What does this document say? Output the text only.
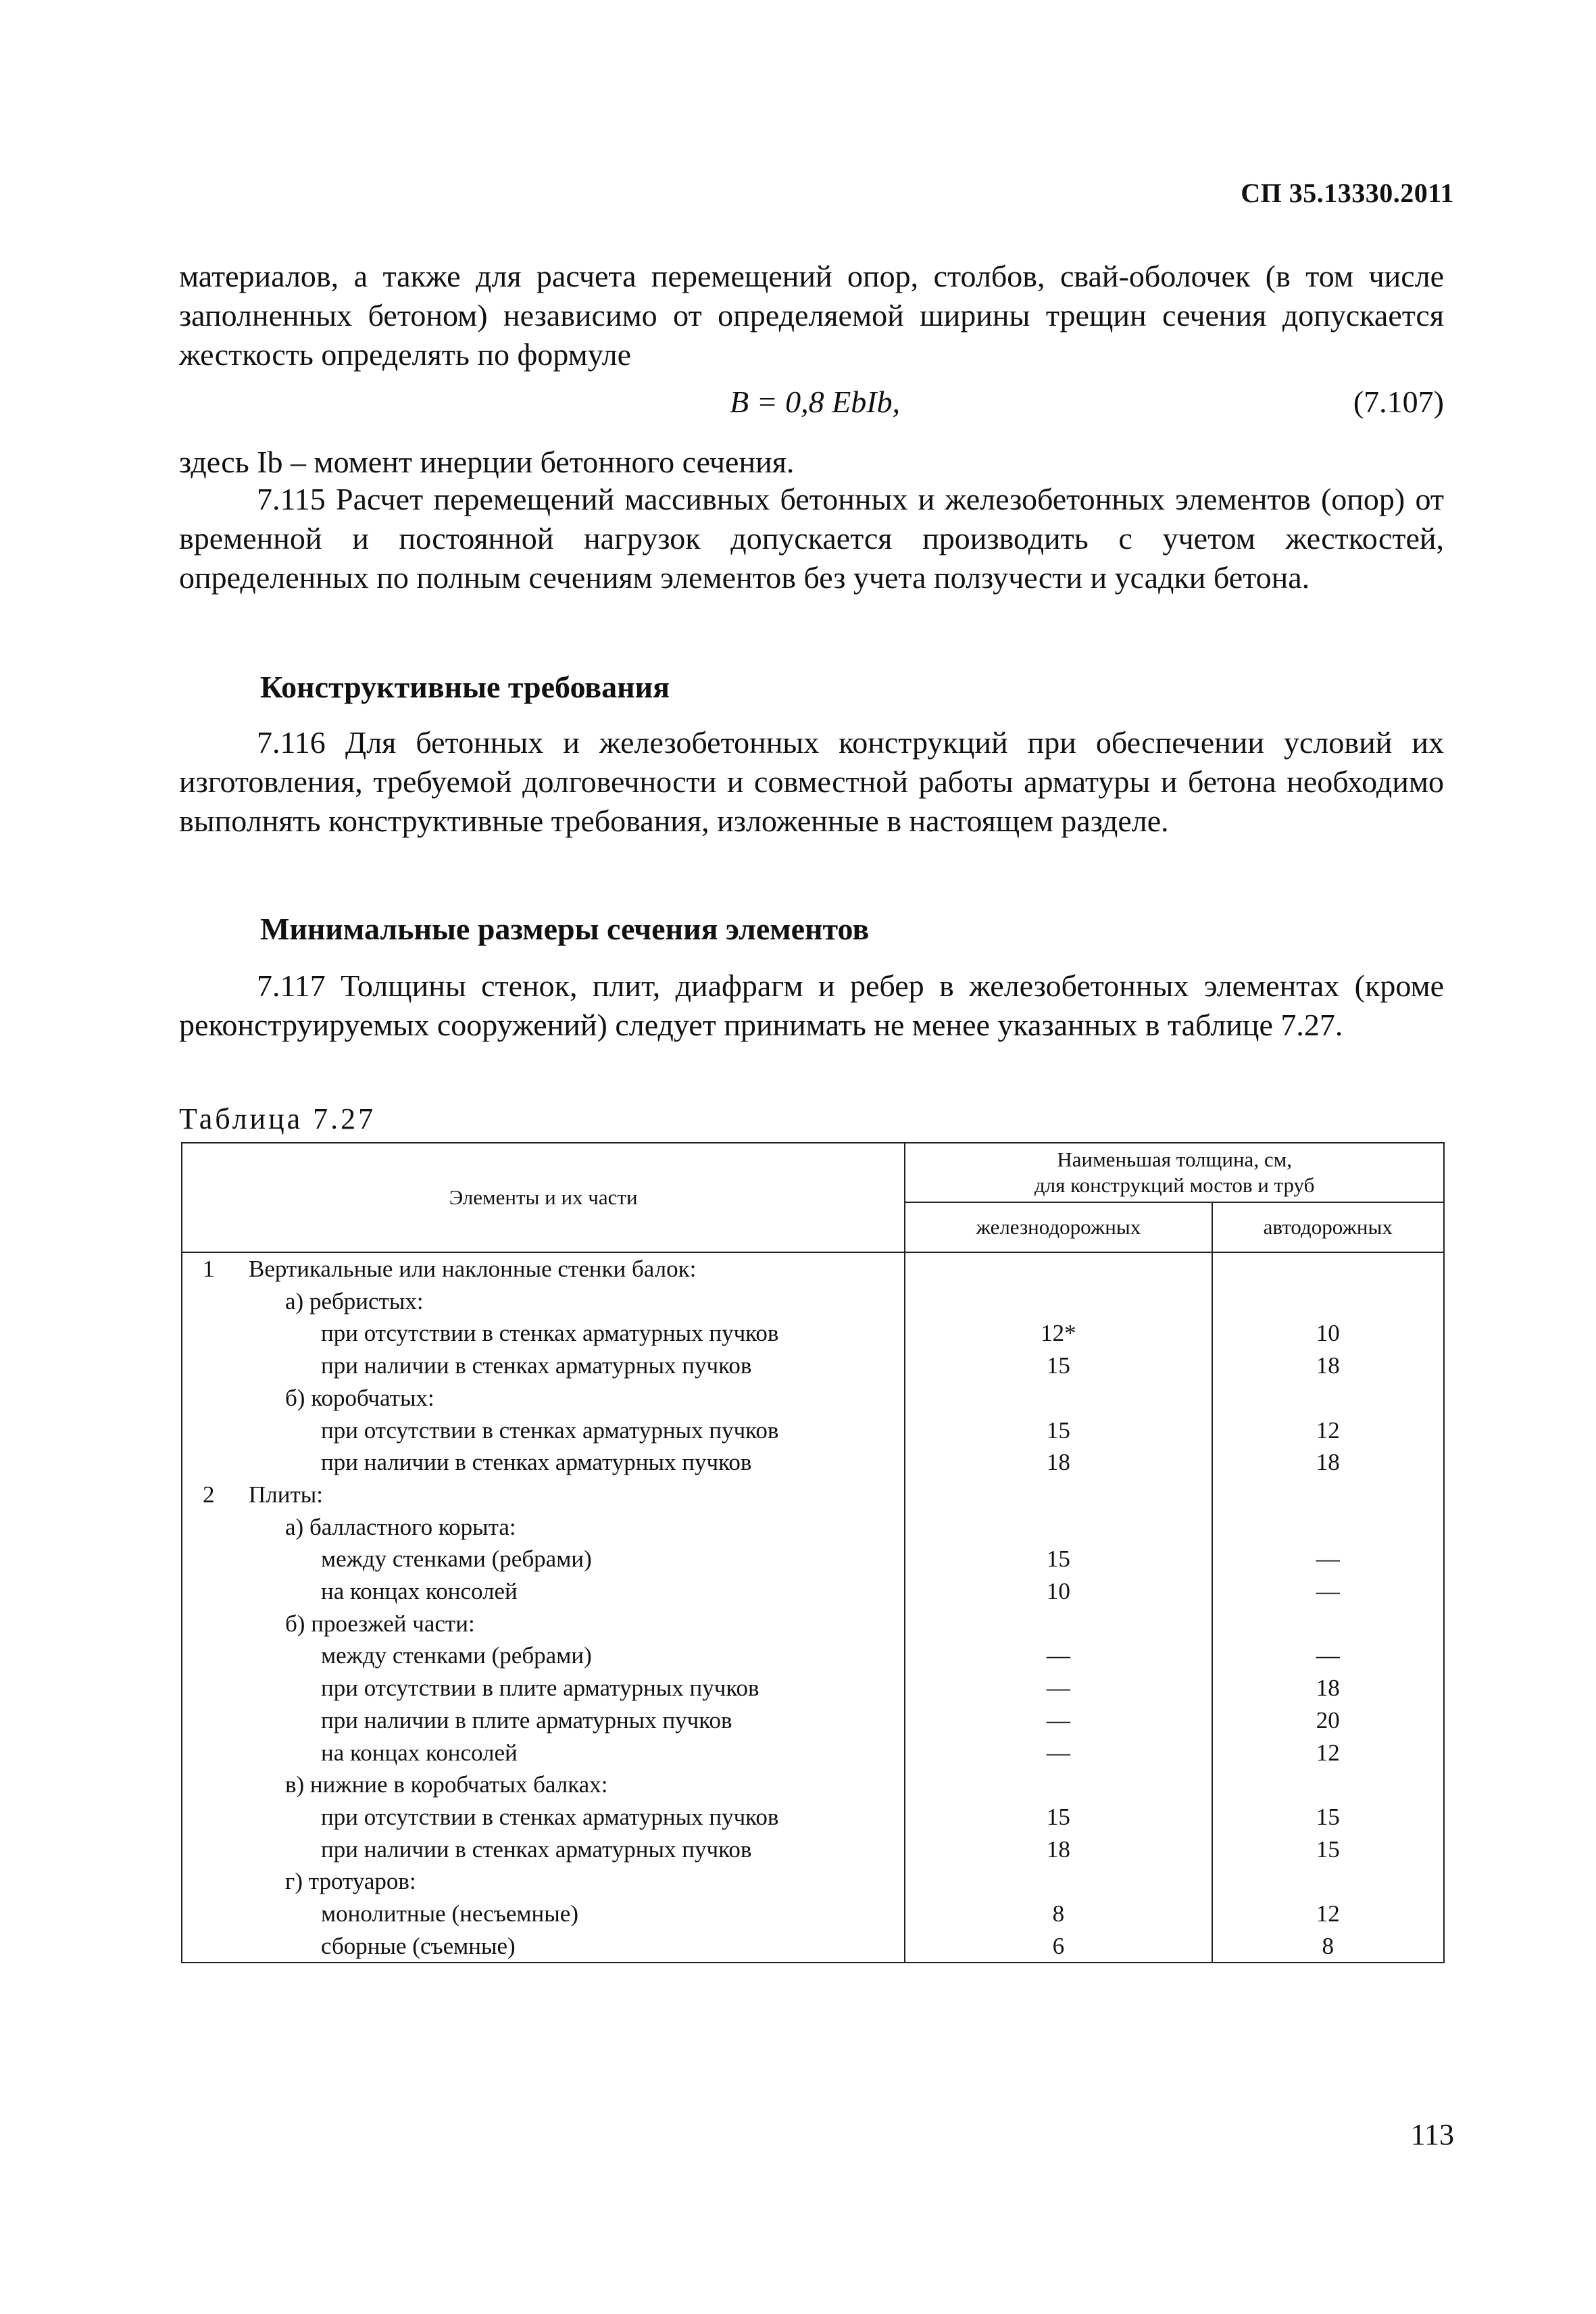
СП 35.13330.2011
материалов, а также для расчета перемещений опор, столбов, свай-оболочек (в том числе заполненных бетоном) независимо от определяемой ширины трещин сечения допускается жесткость определять по формуле
B = 0,8 EbIb,	(7.107)
здесь Ib – момент инерции бетонного сечения.
7.115 Расчет перемещений массивных бетонных и железобетонных элементов (опор) от временной и постоянной нагрузок допускается производить с учетом жесткостей, определенных по полным сечениям элементов без учета ползучести и усадки бетона.
Конструктивные требования
7.116 Для бетонных и железобетонных конструкций при обеспечении условий их изготовления, требуемой долговечности и совместной работы арматуры и бетона необходимо выполнять конструктивные требования, изложенные в настоящем разделе.
Минимальные размеры сечения элементов
7.117 Толщины стенок, плит, диафрагм и ребер в железобетонных элементах (кроме реконструируемых сооружений) следует принимать не менее указанных в таблице 7.27.
Таблица 7.27
Элементы и их части	Наименьшая толщина, см,
для конструкций мостов и труб	

	железнодорожных	автодорожных

1 Вертикальные или наклонные стенки балок:		
а) ребристых:		
при отсутствии в стенках арматурных пучков	12*	10
при наличии в стенках арматурных пучков	15	18
б) коробчатых:		
при отсутствии в стенках арматурных пучков	15	12
при наличии в стенках арматурных пучков	18	18

2 Плиты:		
а) балластного корыта:		
между стенками (ребрами)	15	—
на концах консолей	10	—
б) проезжей части:		
между стенками (ребрами)	—	—
при отсутствии в плите арматурных пучков	—	18
при наличии в плите арматурных пучков	—	20
на концах консолей	—	12
в) нижние в коробчатых балках:		
при отсутствии в стенках арматурных пучков	15	15
при наличии в стенках арматурных пучков	18	15
г) тротуаров:		
монолитные (несъемные)	8	12
сборные (съемные)	6	8
113
